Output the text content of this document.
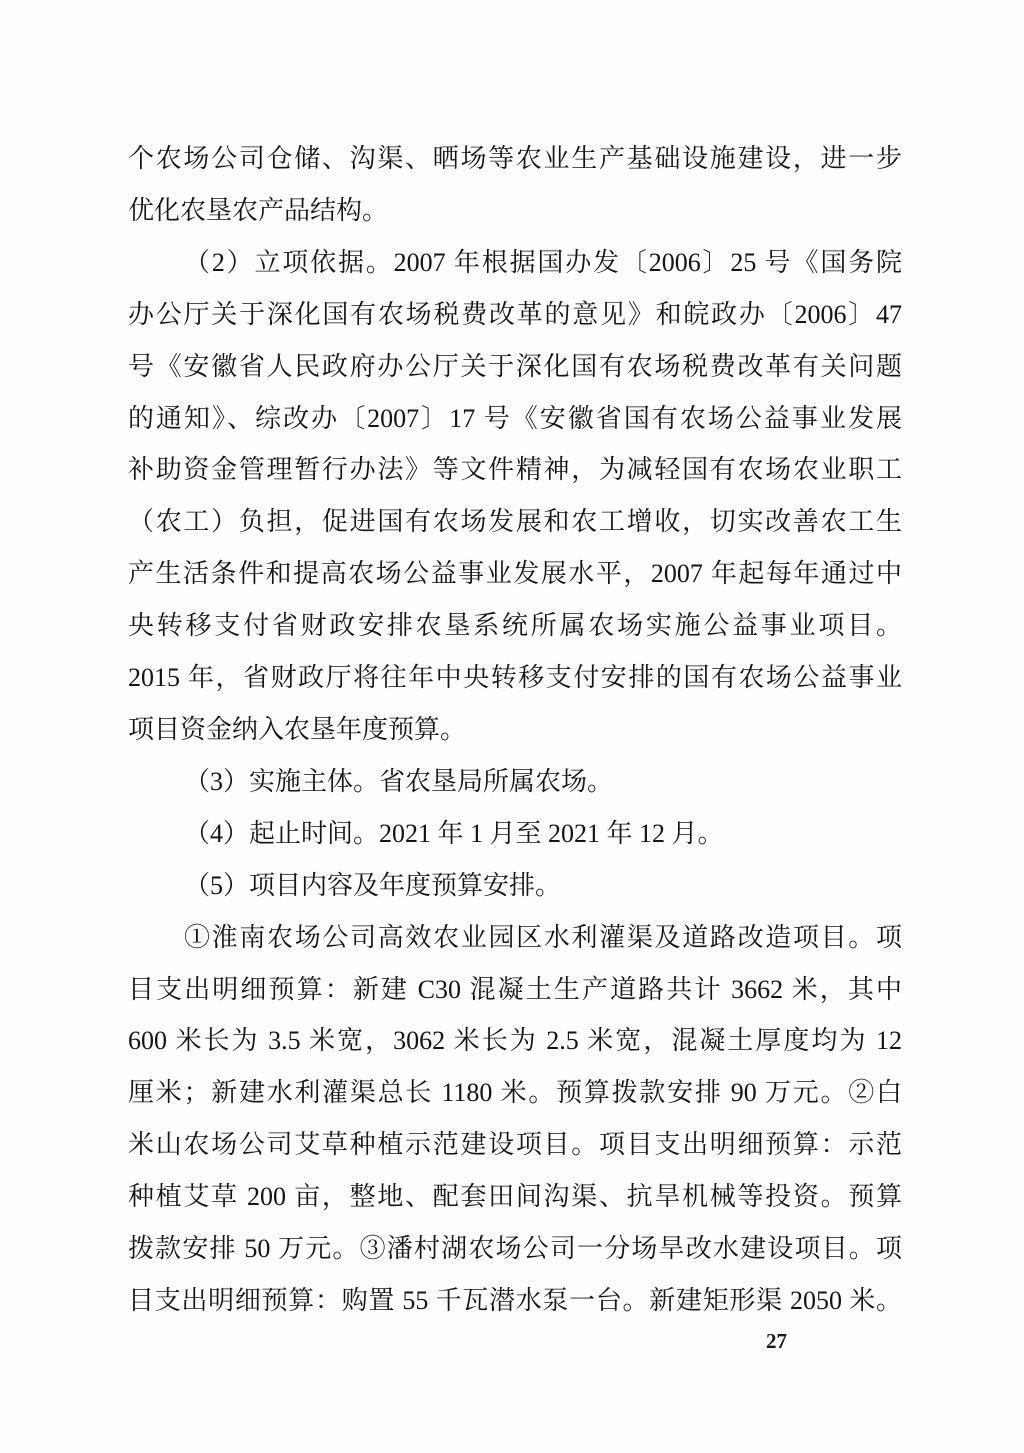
个农场公司仓储、沟渠、晒场等农业生产基础设施建设，进一步
优化农垦农产品结构。
（2）立项依据。2007 年根据国办发〔2006〕25 号《国务院
办公厅关于深化国有农场税费改革的意见》和皖政办〔2006〕47
号《安徽省人民政府办公厅关于深化国有农场税费改革有关问题
的通知》、综改办〔2007〕17 号《安徽省国有农场公益事业发展
补助资金管理暂行办法》等文件精神，为减轻国有农场农业职工
（农工）负担，促进国有农场发展和农工增收，切实改善农工生
产生活条件和提高农场公益事业发展水平，2007 年起每年通过中
央转移支付省财政安排农垦系统所属农场实施公益事业项目。
2015 年，省财政厅将往年中央转移支付安排的国有农场公益事业
项目资金纳入农垦年度预算。
（3）实施主体。省农垦局所属农场。
（4）起止时间。2021 年 1 月至 2021 年 12 月。
（5）项目内容及年度预算安排。
①淮南农场公司高效农业园区水利灌渠及道路改造项目。项
目支出明细预算：新建 C30 混凝土生产道路共计 3662 米，其中
600 米长为 3.5 米宽，3062 米长为 2.5 米宽，混凝土厚度均为 12
厘米；新建水利灌渠总长 1180 米。预算拨款安排 90 万元。②白
米山农场公司艾草种植示范建设项目。项目支出明细预算：示范
种植艾草 200 亩，整地、配套田间沟渠、抗旱机械等投资。预算
拨款安排 50 万元。③潘村湖农场公司一分场旱改水建设项目。项
目支出明细预算：购置 55 千瓦潜水泵一台。新建矩形渠 2050 米。
27
